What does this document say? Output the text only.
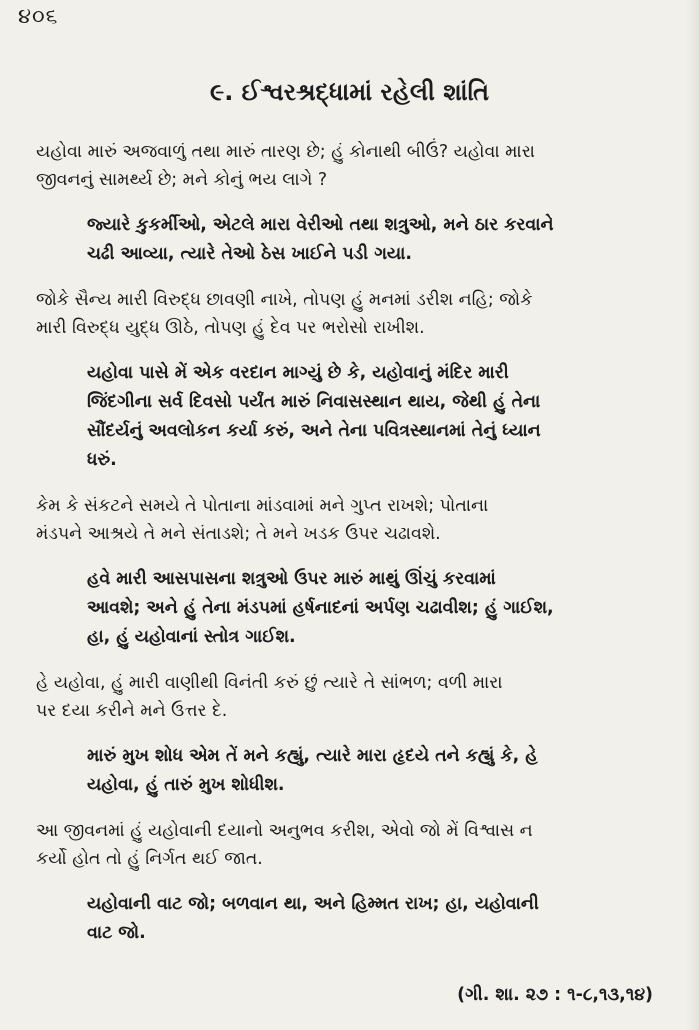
૪૦૬
૯. ઈશ્વરશ્રદ્ધામાં રહેલી શાંતિ

યહોવા મારું અજવાળું તથા મારું તારણ છે; હું કોનાથી બીઉં? યહોવા મારા
જીવનનું સામર્થ્ય છે; મને કોનું ભય લાગે ?

જ્યારે કુકર્મીઓ, એટલે મારા વેરીઓ તથા શત્રુઓ, મને ઠાર કરવાને
ચઢી આવ્યા, ત્યારે તેઓ ઠેસ ખાઈને પડી ગયા.

જોકે સૈન્ય મારી વિરુદ્ધ છાવણી નાખે, તોપણ હું મનમાં ડરીશ નહિ; જોકે
મારી વિરુદ્ધ યુદ્ધ ઊઠે, તોપણ હું દેવ પર ભરોસો રાખીશ.

યહોવા પાસે મેં એક વરદાન માગ્યું છે કે, યહોવાનું મંદિર મારી
જિંદગીના સર્વ દિવસો પર્યંત મારું નિવાસસ્થાન થાય, જેથી હું તેના
સૌંદર્યનું અવલોકન કર્યા કરું, અને તેના પવિત્રસ્થાનમાં તેનું ધ્યાન
ધરું.

કેમ કે સંકટને સમયે તે પોતાના માંડવામાં મને ગુપ્ત રાખશે; પોતાના
મંડપને આશ્રયે તે મને સંતાડશે; તે મને ખડક ઉપર ચઢાવશે.

હવે મારી આસપાસના શત્રુઓ ઉપર મારું માથું ઊંચું કરવામાં
આવશે; અને હું તેના મંડપમાં હર્ષનાદનાં અર્પણ ચઢાવીશ; હું ગાઈશ,
હા, હું યહોવાનાં સ્તોત્ર ગાઈશ.

હે યહોવા, હું મારી વાણીથી વિનંતી કરું છું ત્યારે તે સાંભળ; વળી મારા
પર દયા કરીને મને ઉત્તર દે.

મારું મુખ શોધ એમ તેં મને કહ્યું, ત્યારે મારા હૃદયે તને કહ્યું કે, હે
યહોવા, હું તારું મુખ શોધીશ.

આ જીવનમાં હું યહોવાની દયાનો અનુભવ કરીશ, એવો જો મેં વિશ્વાસ ન
કર્યો હોત તો હું નિર્ગત થઈ જાત.

યહોવાની વાટ જો; બળવાન થા, અને હિમ્મત રાખ; હા, યહોવાની
વાટ જો.

(ગી. શા. ૨૭ : ૧-૮,૧૩,૧૪)
